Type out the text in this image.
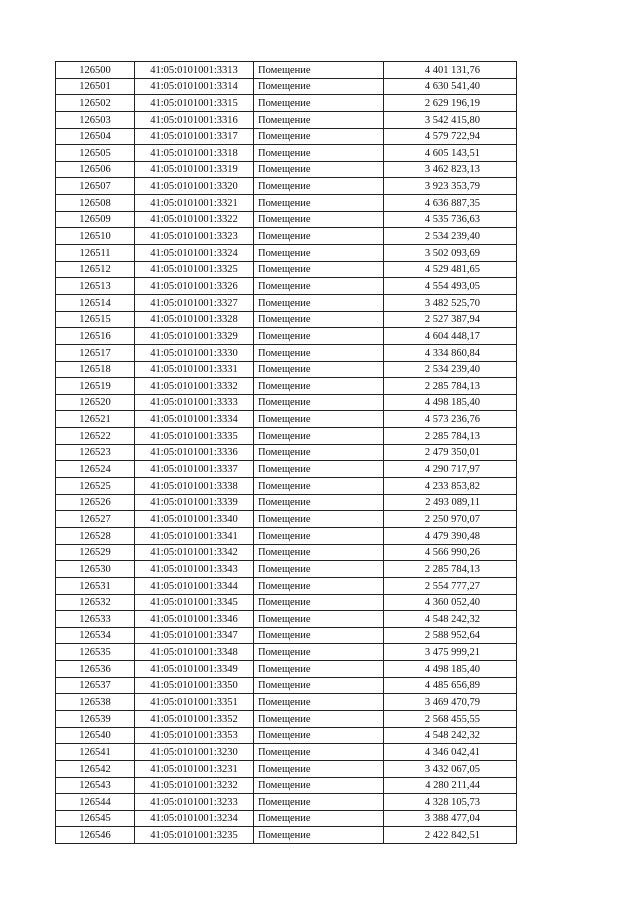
126500	41:05:0101001:3313	Помещение	4 401 131,76
126501	41:05:0101001:3314	Помещение	4 630 541,40
126502	41:05:0101001:3315	Помещение	2 629 196,19
126503	41:05:0101001:3316	Помещение	3 542 415,80
126504	41:05:0101001:3317	Помещение	4 579 722,94
126505	41:05:0101001:3318	Помещение	4 605 143,51
126506	41:05:0101001:3319	Помещение	3 462 823,13
126507	41:05:0101001:3320	Помещение	3 923 353,79
126508	41:05:0101001:3321	Помещение	4 636 887,35
126509	41:05:0101001:3322	Помещение	4 535 736,63
126510	41:05:0101001:3323	Помещение	2 534 239,40
126511	41:05:0101001:3324	Помещение	3 502 093,69
126512	41:05:0101001:3325	Помещение	4 529 481,65
126513	41:05:0101001:3326	Помещение	4 554 493,05
126514	41:05:0101001:3327	Помещение	3 482 525,70
126515	41:05:0101001:3328	Помещение	2 527 387,94
126516	41:05:0101001:3329	Помещение	4 604 448,17
126517	41:05:0101001:3330	Помещение	4 334 860,84
126518	41:05:0101001:3331	Помещение	2 534 239,40
126519	41:05:0101001:3332	Помещение	2 285 784,13
126520	41:05:0101001:3333	Помещение	4 498 185,40
126521	41:05:0101001:3334	Помещение	4 573 236,76
126522	41:05:0101001:3335	Помещение	2 285 784,13
126523	41:05:0101001:3336	Помещение	2 479 350,01
126524	41:05:0101001:3337	Помещение	4 290 717,97
126525	41:05:0101001:3338	Помещение	4 233 853,82
126526	41:05:0101001:3339	Помещение	2 493 089,11
126527	41:05:0101001:3340	Помещение	2 250 970,07
126528	41:05:0101001:3341	Помещение	4 479 390,48
126529	41:05:0101001:3342	Помещение	4 566 990,26
126530	41:05:0101001:3343	Помещение	2 285 784,13
126531	41:05:0101001:3344	Помещение	2 554 777,27
126532	41:05:0101001:3345	Помещение	4 360 052,40
126533	41:05:0101001:3346	Помещение	4 548 242,32
126534	41:05:0101001:3347	Помещение	2 588 952,64
126535	41:05:0101001:3348	Помещение	3 475 999,21
126536	41:05:0101001:3349	Помещение	4 498 185,40
126537	41:05:0101001:3350	Помещение	4 485 656,89
126538	41:05:0101001:3351	Помещение	3 469 470,79
126539	41:05:0101001:3352	Помещение	2 568 455,55
126540	41:05:0101001:3353	Помещение	4 548 242,32
126541	41:05:0101001:3230	Помещение	4 346 042,41
126542	41:05:0101001:3231	Помещение	3 432 067,05
126543	41:05:0101001:3232	Помещение	4 280 211,44
126544	41:05:0101001:3233	Помещение	4 328 105,73
126545	41:05:0101001:3234	Помещение	3 388 477,04
126546	41:05:0101001:3235	Помещение	2 422 842,51
